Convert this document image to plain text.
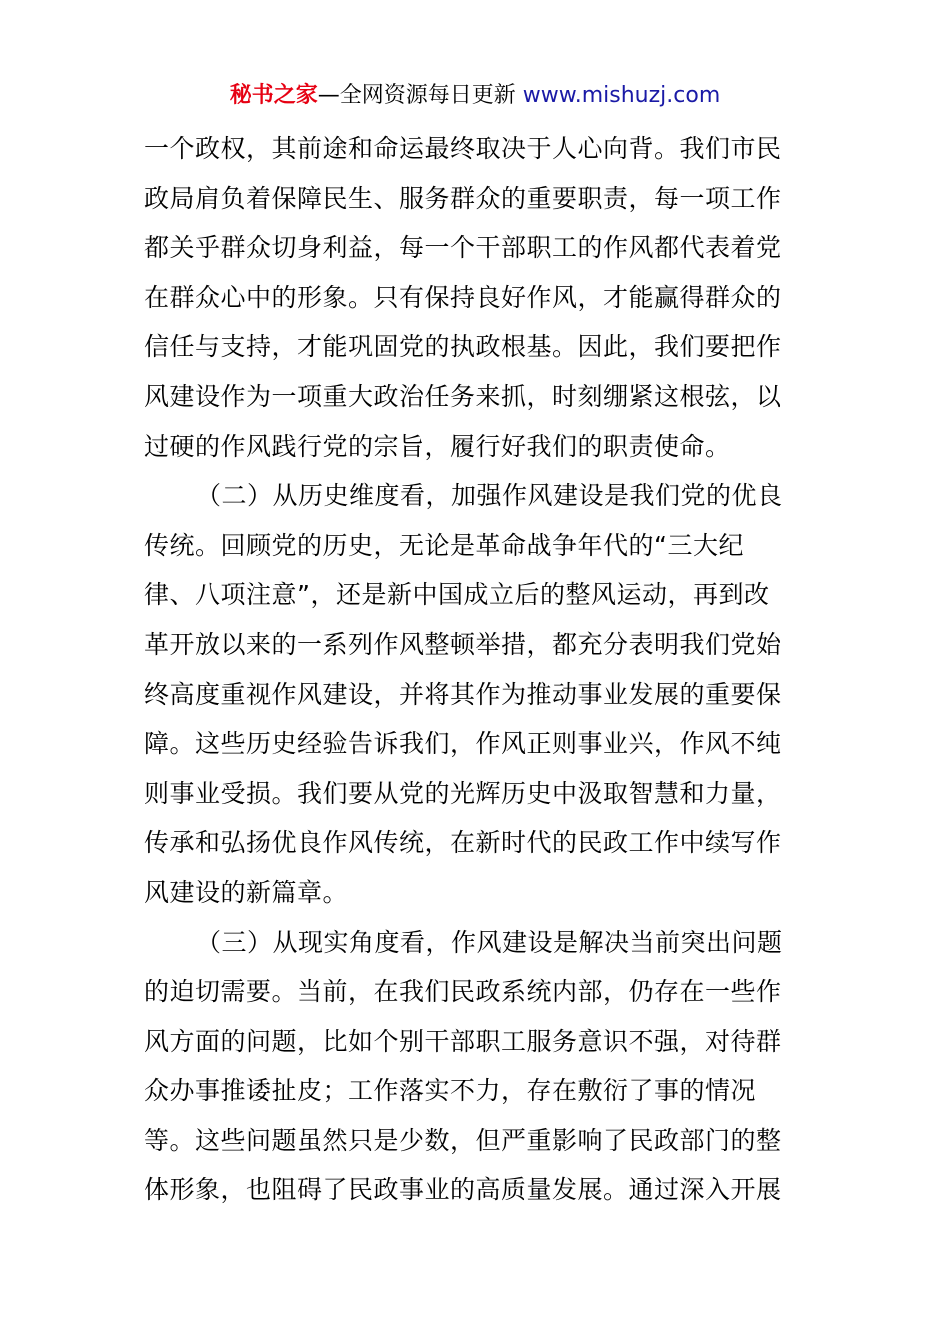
秘书之家—全网资源每日更新 www.mishuzj.com
一个政权，其前途和命运最终取决于人心向背。我们市民
政局肩负着保障民生、服务群众的重要职责，每一项工作
都关乎群众切身利益，每一个干部职工的作风都代表着党
在群众心中的形象。只有保持良好作风，才能赢得群众的
信任与支持，才能巩固党的执政根基。因此，我们要把作
风建设作为一项重大政治任务来抓，时刻绷紧这根弦，以
过硬的作风践行党的宗旨，履行好我们的职责使命。
（二）从历史维度看，加强作风建设是我们党的优良
传统。回顾党的历史，无论是革命战争年代的“三大纪
律、八项注意”，还是新中国成立后的整风运动，再到改
革开放以来的一系列作风整顿举措，都充分表明我们党始
终高度重视作风建设，并将其作为推动事业发展的重要保
障。这些历史经验告诉我们，作风正则事业兴，作风不纯
则事业受损。我们要从党的光辉历史中汲取智慧和力量，
传承和弘扬优良作风传统，在新时代的民政工作中续写作
风建设的新篇章。
（三）从现实角度看，作风建设是解决当前突出问题
的迫切需要。当前，在我们民政系统内部，仍存在一些作
风方面的问题，比如个别干部职工服务意识不强，对待群
众办事推诿扯皮；工作落实不力，存在敷衍了事的情况
等。这些问题虽然只是少数，但严重影响了民政部门的整
体形象，也阻碍了民政事业的高质量发展。通过深入开展
